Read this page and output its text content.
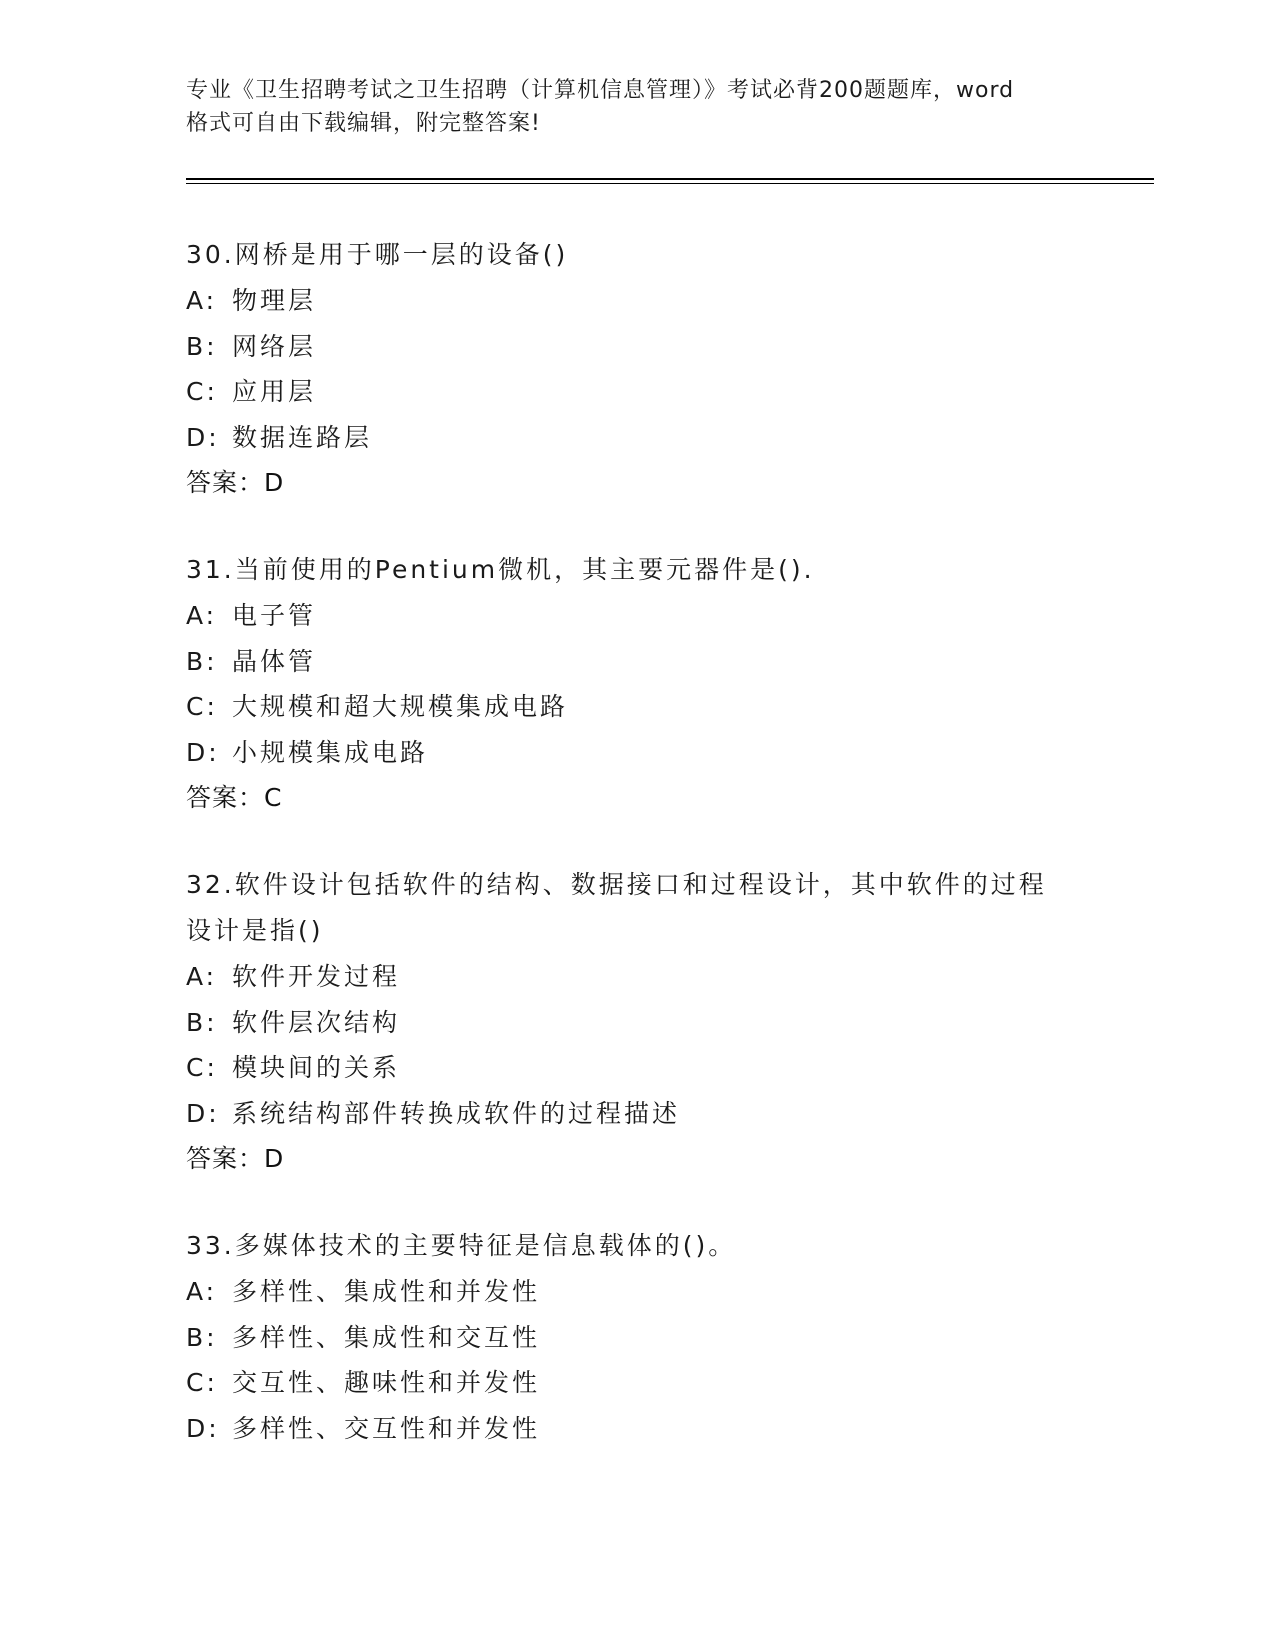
专业《卫生招聘考试之卫生招聘（计算机信息管理）》考试必背200题题库，word
格式可自由下载编辑，附完整答案!
30.网桥是用于哪一层的设备()
A: 物理层
B: 网络层
C: 应用层
D: 数据连路层
答案：D
31.当前使用的Pentium微机，其主要元器件是().
A: 电子管
B: 晶体管
C: 大规模和超大规模集成电路
D: 小规模集成电路
答案：C
32.软件设计包括软件的结构、数据接口和过程设计，其中软件的过程设计是指()
A: 软件开发过程
B: 软件层次结构
C: 模块间的关系
D: 系统结构部件转换成软件的过程描述
答案：D
33.多媒体技术的主要特征是信息载体的()。
A: 多样性、集成性和并发性
B: 多样性、集成性和交互性
C: 交互性、趣味性和并发性
D: 多样性、交互性和并发性
